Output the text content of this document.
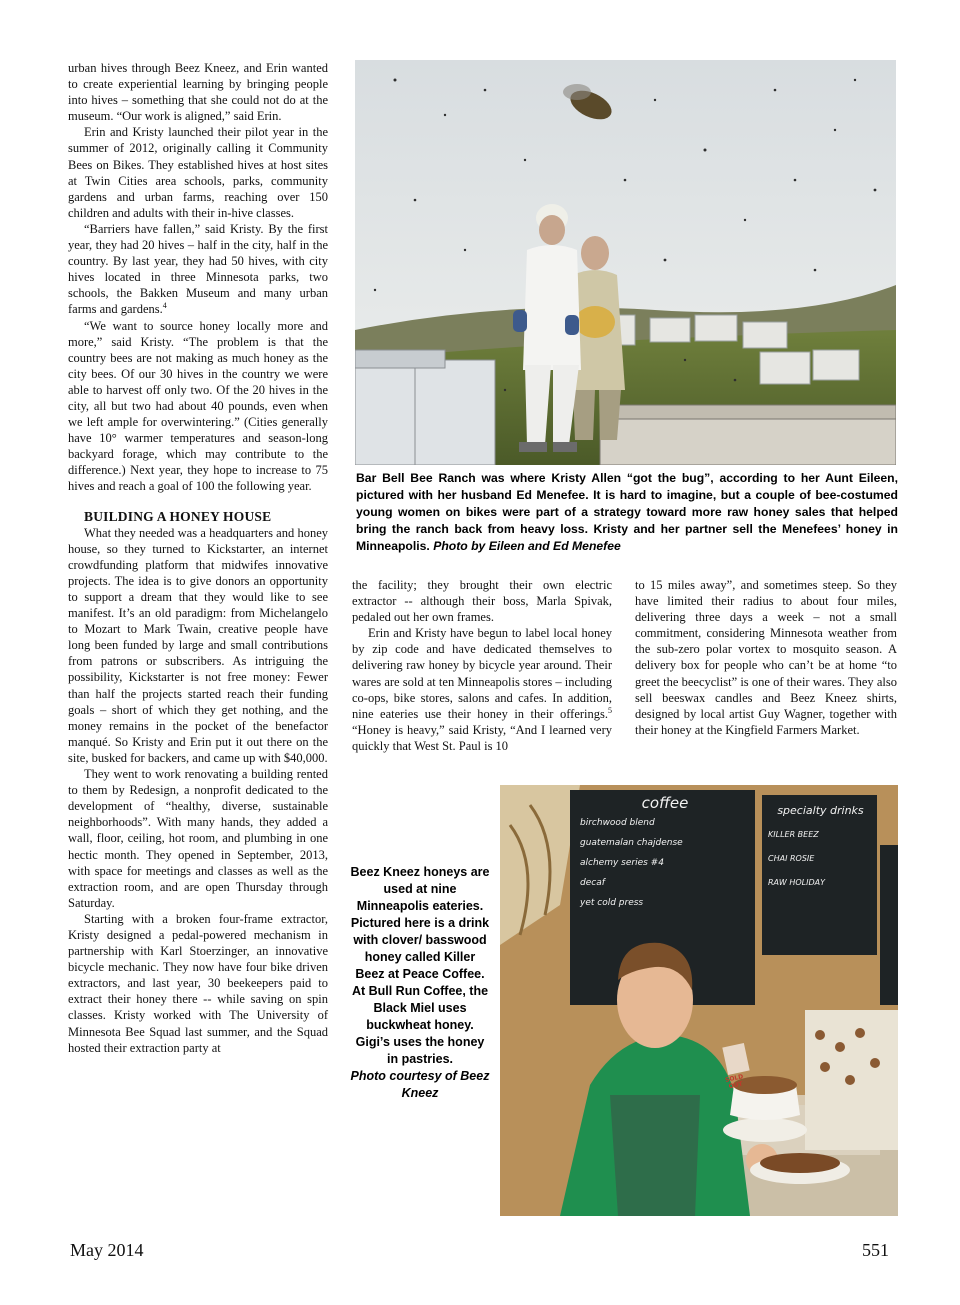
urban hives through Beez Kneez, and Erin wanted to create experiential learning by bringing people into hives – something that she could not do at the museum. “Our work is aligned,” said Erin.

Erin and Kristy launched their pilot year in the summer of 2012, originally calling it Community Bees on Bikes. They established hives at host sites at Twin Cities area schools, parks, community gardens and urban farms, reaching over 150 children and adults with their in-hive classes.

“Barriers have fallen,” said Kristy. By the first year, they had 20 hives – half in the city, half in the country. By last year, they had 50 hives, with city hives located in three Minnesota parks, two schools, the Bakken Museum and many urban farms and gardens.$^4$

“We want to source honey locally more and more,” said Kristy. “The problem is that the country bees are not making as much honey as the city bees. Of our 30 hives in the country we were able to harvest off only two. Of the 20 hives in the city, all but two had about 40 pounds, even when we left ample for overwintering.” (Cities generally have 10° warmer temperatures and season-long backyard forage, which may contribute to the difference.) Next year, they hope to increase to 75 hives and reach a goal of 100 the following year.

BUILDING A HONEY HOUSE

What they needed was a headquarters and honey house, so they turned to Kickstarter, an internet crowdfunding platform that midwifes innovative projects. The idea is to give donors an opportunity to support a dream that they would like to see manifest. It’s an old paradigm: from Michelangelo to Mozart to Mark Twain, creative people have long been funded by large and small contributions from patrons or subscribers. As intriguing the possibility, Kickstarter is not free money: Fewer than half the projects started reach their funding goals – short of which they get nothing, and the money remains in the pocket of the benefactor manqué. So Kristy and Erin put it out there on the site, busked for backers, and came up with $40,000.

They went to work renovating a building rented to them by Redesign, a nonprofit dedicated to the development of “healthy, diverse, sustainable neighborhoods”. With many hands, they added a wall, floor, ceiling, hot room, and plumbing in one hectic month. They opened in September, 2013, with space for meetings and classes as well as the extraction room, and are open Thursday through Saturday.

Starting with a broken four-frame extractor, Kristy designed a pedal-powered mechanism in partnership with Karl Stoerzinger, an innovative bicycle mechanic. They now have four bike driven extractors, and last year, 30 beekeepers paid to extract their honey there -- while saving on spin classes. Kristy worked with The University of Minnesota Bee Squad last summer, and the Squad hosted their extraction party at

Bar Bell Bee Ranch was where Kristy Allen “got the bug”, according to her Aunt Eileen, pictured with her husband Ed Menefee. It is hard to imagine, but a couple of bee-costumed young women on bikes were part of a strategy toward more raw honey sales that helped bring the ranch back from heavy loss. Kristy and her partner sell the Menefees’ honey in Minneapolis. Photo by Eileen and Ed Menefee

the facility; they brought their own electric extractor -- although their boss, Marla Spivak, pedaled out her own frames.

Erin and Kristy have begun to label local honey by zip code and have dedicated themselves to delivering raw honey by bicycle year around. Their wares are sold at ten Minneapolis stores – including co-ops, bike stores, salons and cafes. In addition, nine eateries use their honey in their offerings.$^5$ “Honey is heavy,” said Kristy, “And I learned very quickly that West St. Paul is 10

to 15 miles away”, and sometimes steep. So they have limited their radius to about four miles, delivering three days a week – not a small commitment, considering Minnesota weather from the sub-zero polar vortex to mosquito season. A delivery box for people who can’t be at home “to greet the beecyclist” is one of their wares. They also sell beeswax candles and Beez Kneez shirts, designed by local artist Guy Wagner, together with their honey at the Kingfield Farmers Market.

Beez Kneez honeys are used at nine Minneapolis eateries. Pictured here is a drink with clover/ basswood honey called Killer Beez at Peace Coffee. At Bull Run Coffee, the Black Miel uses buckwheat honey. Gigi’s uses the honey in pastries.
Photo courtesy of Beez Kneez
coffee
birchwood blend
guatemalan chajdense
alchemy series #4
decaf
yet cold press
specialty drinks
KILLER BEEZ
CHAI ROSIE
RAW HOLIDAY
SOLD OUT
May 2014	551
